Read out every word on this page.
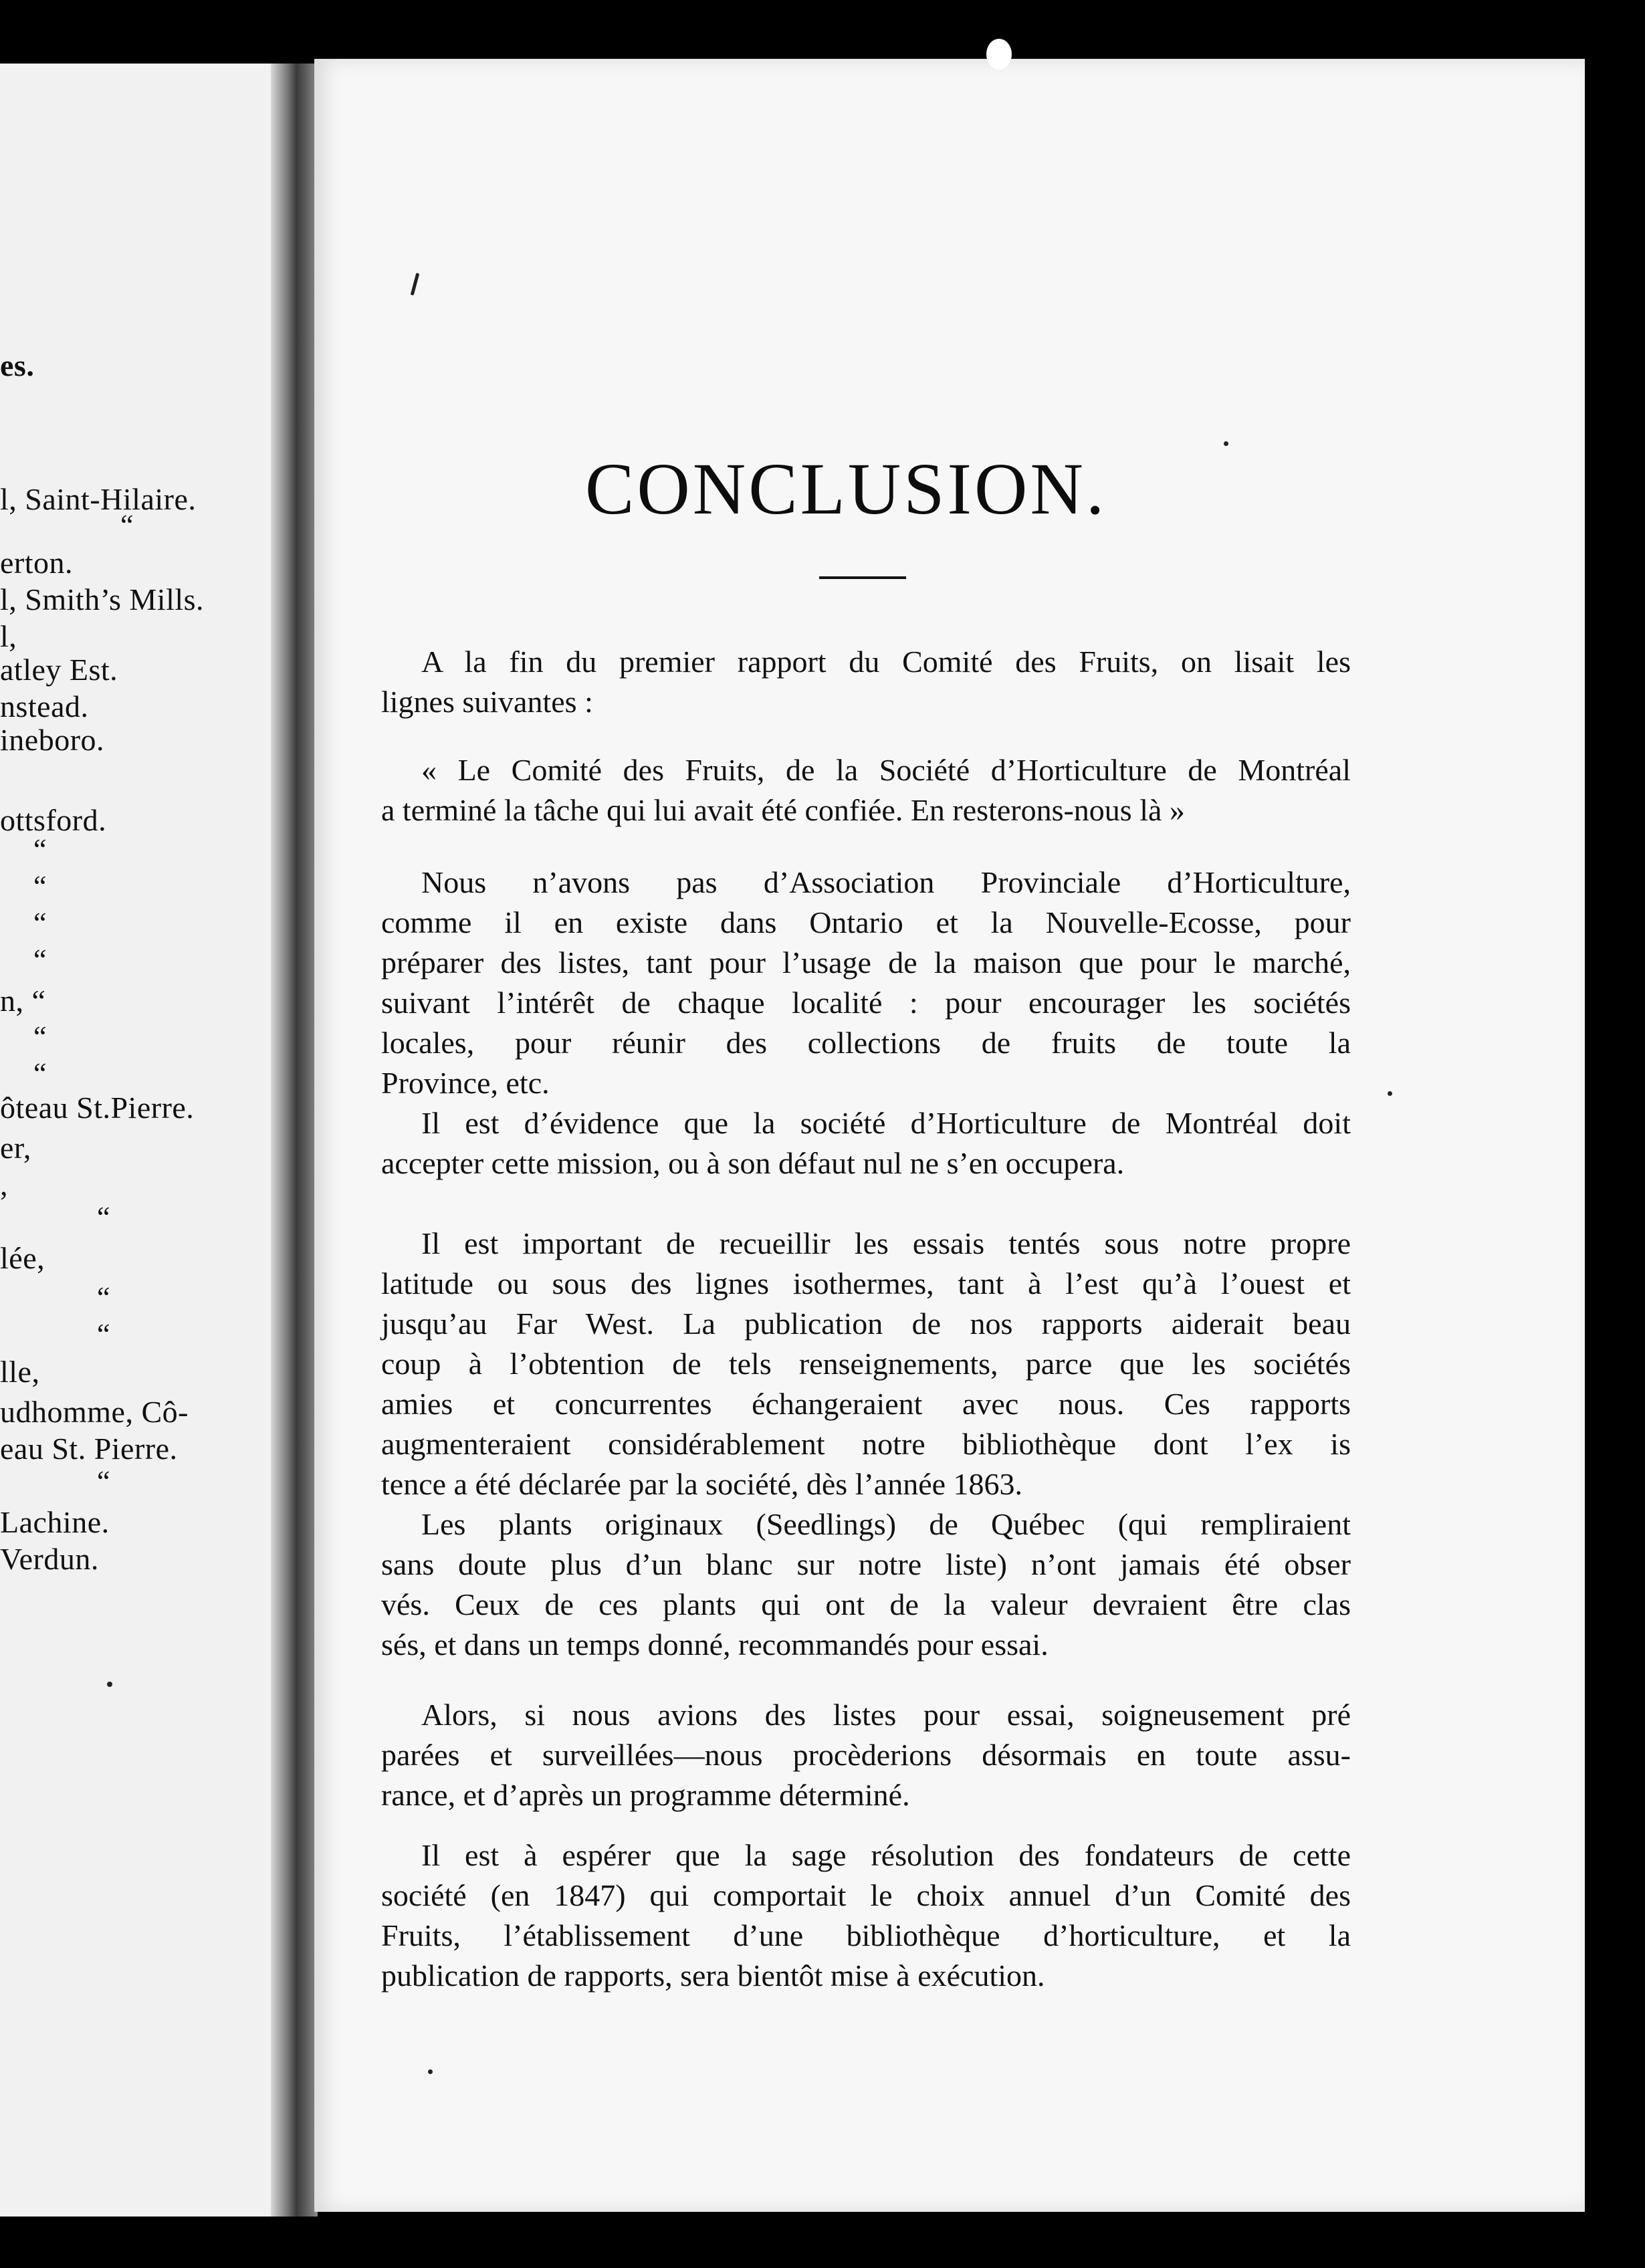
es.
l, Saint-Hilaire.
“
erton.
l, Smith’s Mills.
l,
atley Est.
nstead.
ineboro.
ottsford.
“
“
“
“
n, “
“
“
ôteau St.Pierre.
er,
,
“
lée,
“
“
lle,
udhomme, Cô-
eau St. Pierre.
“
Lachine.
Verdun.
CONCLUSION.
A la fin du premier rapport du Comité des Fruits, on lisait les
lignes suivantes :
« Le Comité des Fruits, de la Société d’Horticulture de Montréal
a terminé la tâche qui lui avait été confiée. En resterons-nous là »
Nous n’avons pas d’Association Provinciale d’Horticulture,
comme il en existe dans Ontario et la Nouvelle-Ecosse, pour
préparer des listes, tant pour l’usage de la maison que pour le marché,
suivant l’intérêt de chaque localité : pour encourager les sociétés
locales, pour réunir des collections de fruits de toute la
Province, etc.
Il est d’évidence que la société d’Horticulture de Montréal doit
accepter cette mission, ou à son défaut nul ne s’en occupera.
Il est important de recueillir les essais tentés sous notre propre
latitude ou sous des lignes isothermes, tant à l’est qu’à l’ouest et
jusqu’au Far West. La publication de nos rapports aiderait beau
coup à l’obtention de tels renseignements, parce que les sociétés
amies et concurrentes échangeraient avec nous. Ces rapports
augmenteraient considérablement notre bibliothèque dont l’ex is
tence a été déclarée par la société, dès l’année 1863.
Les plants originaux (Seedlings) de Québec (qui rempliraient
sans doute plus d’un blanc sur notre liste) n’ont jamais été obser
vés. Ceux de ces plants qui ont de la valeur devraient être clas
sés, et dans un temps donné, recommandés pour essai.
Alors, si nous avions des listes pour essai, soigneusement pré
parées et surveillées—nous procèderions désormais en toute assu-
rance, et d’après un programme déterminé.
Il est à espérer que la sage résolution des fondateurs de cette
société (en 1847) qui comportait le choix annuel d’un Comité des
Fruits, l’établissement d’une bibliothèque d’horticulture, et la
publication de rapports, sera bientôt mise à exécution.
